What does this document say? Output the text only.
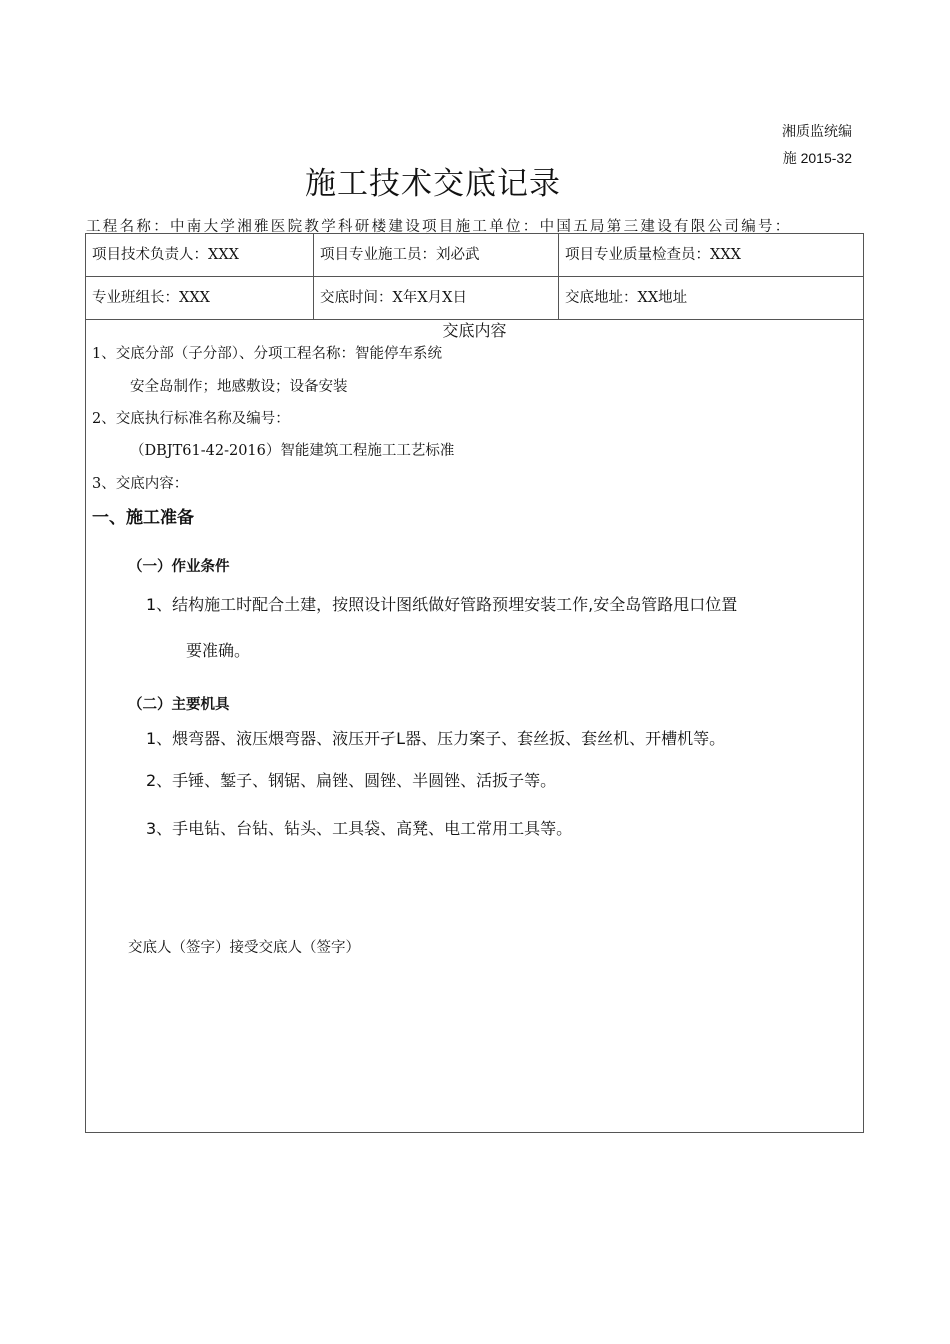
湘质监统编
施 2015-32
施工技术交底记录
工程名称：中南大学湘雅医院教学科研楼建设项目施工单位：中国五局第三建设有限公司编号：
项目技术负责人：XXX	项目专业施工员：刘必武	项目专业质量检查员：XXX
专业班组长：XXX	交底时间：X年X月X日	交底地址：XX地址
交底内容
1、交底分部（子分部）、分项工程名称：智能停车系统
安全岛制作；地感敷设；设备安装
2、交底执行标准名称及编号：
（DBJT61-42-2016）智能建筑工程施工工艺标准
3、交底内容：
一、施工准备
（一）作业条件
1、结构施工时配合土建，按照设计图纸做好管路预埋安装工作,安全岛管路甩口位置
要准确。
（二）主要机具
1、煨弯器、液压煨弯器、液压开孑L器、压力案子、套丝扳、套丝机、开槽机等。
2、手锤、錾子、钢锯、扁锉、圆锉、半圆锉、活扳子等。
3、手电钻、台钻、钻头、工具袋、高凳、电工常用工具等。
交底人（签字）接受交底人（签字）
